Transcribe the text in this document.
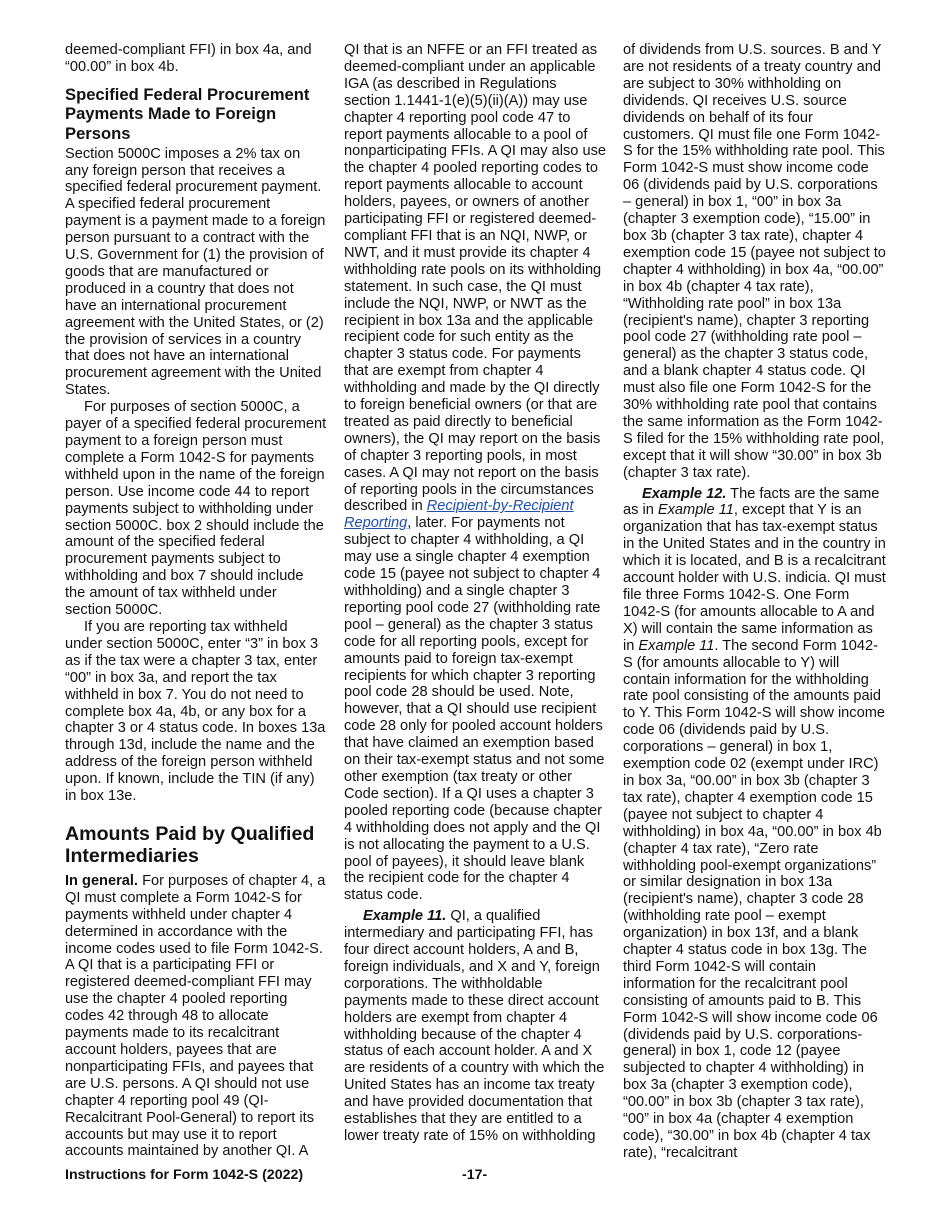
deemed-compliant FFI) in box 4a, and “00.00” in box 4b.

Specified Federal Procurement Payments Made to Foreign Persons

Section 5000C imposes a 2% tax on any foreign person that receives a specified federal procurement payment. A specified federal procurement payment is a payment made to a foreign person pursuant to a contract with the U.S. Government for (1) the provision of goods that are manufactured or produced in a country that does not have an international procurement agreement with the United States, or (2) the provision of services in a country that does not have an international procurement agreement with the United States.

For purposes of section 5000C, a payer of a specified federal procurement payment to a foreign person must complete a Form 1042-S for payments withheld upon in the name of the foreign person. Use income code 44 to report payments subject to withholding under section 5000C. box 2 should include the amount of the specified federal procurement payments subject to withholding and box 7 should include the amount of tax withheld under section 5000C.

If you are reporting tax withheld under section 5000C, enter “3” in box 3 as if the tax were a chapter 3 tax, enter “00” in box 3a, and report the tax withheld in box 7. You do not need to complete box 4a, 4b, or any box for a chapter 3 or 4 status code. In boxes 13a through 13d, include the name and the address of the foreign person withheld upon. If known, include the TIN (if any) in box 13e.

Amounts Paid by Qualified Intermediaries

In general. For purposes of chapter 4, a QI must complete a Form 1042-S for payments withheld under chapter 4 determined in accordance with the income codes used to file Form 1042-S. A QI that is a participating FFI or registered deemed-compliant FFI may use the chapter 4 pooled reporting codes 42 through 48 to allocate payments made to its recalcitrant account holders, payees that are nonparticipating FFIs, and payees that are U.S. persons. A QI should not use chapter 4 reporting pool 49 (QI-Recalcitrant Pool-General) to report its accounts but may use it to report accounts maintained by another QI. A

QI that is an NFFE or an FFI treated as deemed-compliant under an applicable IGA (as described in Regulations section 1.1441-1(e)(5)(ii)(A)) may use chapter 4 reporting pool code 47 to report payments allocable to a pool of nonparticipating FFIs. A QI may also use the chapter 4 pooled reporting codes to report payments allocable to account holders, payees, or owners of another participating FFI or registered deemed-compliant FFI that is an NQI, NWP, or NWT, and it must provide its chapter 4 withholding rate pools on its withholding statement. In such case, the QI must include the NQI, NWP, or NWT as the recipient in box 13a and the applicable recipient code for such entity as the chapter 3 status code. For payments that are exempt from chapter 4 withholding and made by the QI directly to foreign beneficial owners (or that are treated as paid directly to beneficial owners), the QI may report on the basis of chapter 3 reporting pools, in most cases. A QI may not report on the basis of reporting pools in the circumstances described in Recipient-by-Recipient Reporting, later. For payments not subject to chapter 4 withholding, a QI may use a single chapter 4 exemption code 15 (payee not subject to chapter 4 withholding) and a single chapter 3 reporting pool code 27 (withholding rate pool – general) as the chapter 3 status code for all reporting pools, except for amounts paid to foreign tax-exempt recipients for which chapter 3 reporting pool code 28 should be used. Note, however, that a QI should use recipient code 28 only for pooled account holders that have claimed an exemption based on their tax-exempt status and not some other exemption (tax treaty or other Code section). If a QI uses a chapter 3 pooled reporting code (because chapter 4 withholding does not apply and the QI is not allocating the payment to a U.S. pool of payees), it should leave blank the recipient code for the chapter 4 status code.

Example 11. QI, a qualified intermediary and participating FFI, has four direct account holders, A and B, foreign individuals, and X and Y, foreign corporations. The withholdable payments made to these direct account holders are exempt from chapter 4 withholding because of the chapter 4 status of each account holder. A and X are residents of a country with which the United States has an income tax treaty and have provided documentation that establishes that they are entitled to a lower treaty rate of 15% on withholding

of dividends from U.S. sources. B and Y are not residents of a treaty country and are subject to 30% withholding on dividends. QI receives U.S. source dividends on behalf of its four customers. QI must file one Form 1042-S for the 15% withholding rate pool. This Form 1042-S must show income code 06 (dividends paid by U.S. corporations – general) in box 1, “00” in box 3a (chapter 3 exemption code), “15.00” in box 3b (chapter 3 tax rate), chapter 4 exemption code 15 (payee not subject to chapter 4 withholding) in box 4a, “00.00” in box 4b (chapter 4 tax rate), “Withholding rate pool” in box 13a (recipient's name), chapter 3 reporting pool code 27 (withholding rate pool – general) as the chapter 3 status code, and a blank chapter 4 status code. QI must also file one Form 1042-S for the 30% withholding rate pool that contains the same information as the Form 1042-S filed for the 15% withholding rate pool, except that it will show “30.00” in box 3b (chapter 3 tax rate).

Example 12. The facts are the same as in Example 11, except that Y is an organization that has tax-exempt status in the United States and in the country in which it is located, and B is a recalcitrant account holder with U.S. indicia. QI must file three Forms 1042-S. One Form 1042-S (for amounts allocable to A and X) will contain the same information as in Example 11. The second Form 1042-S (for amounts allocable to Y) will contain information for the withholding rate pool consisting of the amounts paid to Y. This Form 1042-S will show income code 06 (dividends paid by U.S. corporations – general) in box 1, exemption code 02 (exempt under IRC) in box 3a, “00.00” in box 3b (chapter 3 tax rate), chapter 4 exemption code 15 (payee not subject to chapter 4 withholding) in box 4a, “00.00” in box 4b (chapter 4 tax rate), “Zero rate withholding pool-exempt organizations” or similar designation in box 13a (recipient's name), chapter 3 code 28 (withholding rate pool – exempt organization) in box 13f, and a blank chapter 4 status code in box 13g. The third Form 1042-S will contain information for the recalcitrant pool consisting of amounts paid to B. This Form 1042-S will show income code 06 (dividends paid by U.S. corporations-general) in box 1, code 12 (payee subjected to chapter 4 withholding) in box 3a (chapter 3 exemption code), “00.00” in box 3b (chapter 3 tax rate), “00” in box 4a (chapter 4 exemption code), “30.00” in box 4b (chapter 4 tax rate), “recalcitrant

Instructions for Form 1042-S (2022)	-17-
